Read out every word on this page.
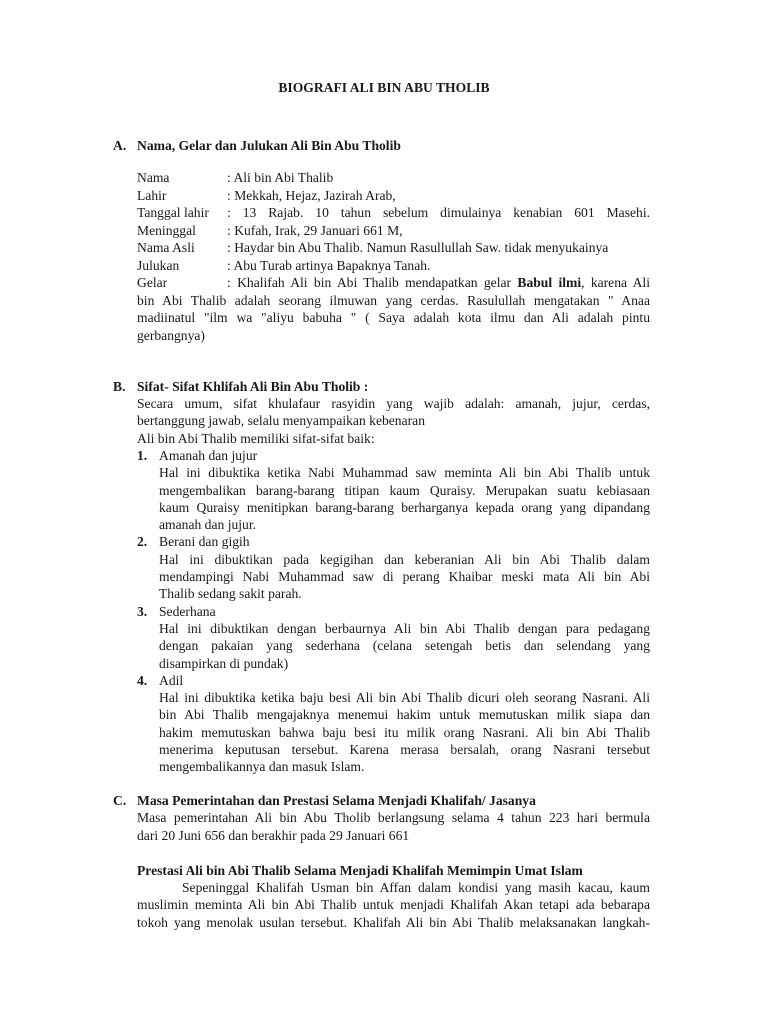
BIOGRAFI ALI BIN ABU THOLIB
A. Nama, Gelar dan Julukan Ali Bin Abu Tholib
B. Sifat- Sifat Khlifah Ali Bin Abu Tholib :
C. Masa Pemerintahan dan Prestasi Selama Menjadi Khalifah/ Jasanya
Masa pemerintahan Ali bin Abu Tholib berlangsung selama 4 tahun 223 hari bermula
dari 20 Juni 656 dan berakhir pada 29 Januari 661
Prestasi Ali bin Abi Thalib Selama Menjadi Khalifah Memimpin Umat Islam
Sepeninggal Khalifah Usman bin Affan dalam kondisi yang masih kacau, kaum
muslimin meminta Ali bin Abi Thalib untuk menjadi Khalifah Akan tetapi ada bebarapa
tokoh yang menolak usulan tersebut. Khalifah Ali bin Abi Thalib melaksanakan langkah-
Nama	: Ali bin Abi Thalib
Lahir	: Mekkah, Hejaz, Jazirah Arab,
Tanggal lahir : 13 Rajab. 10 tahun sebelum dimulainya kenabian 601 Masehi.
Meninggal : Kufah, Irak, 29 Januari 661 M,
Nama Asli : Haydar bin Abu Thalib. Namun Rasullullah Saw. tidak menyukainya
Julukan	: Abu Turab artinya Bapaknya Tanah.
Gelar	: Khalifah Ali bin Abi Thalib mendapatkan gelar Babul ilmi, karena Ali
bin Abi Thalib adalah seorang ilmuwan yang cerdas. Rasulullah mengatakan " Anaa
madiinatul "ilm wa "aliyu babuha " ( Saya adalah kota ilmu dan Ali adalah pintu
gerbangnya)
Secara umum, sifat khulafaur rasyidin yang wajib adalah: amanah, jujur, cerdas,
bertanggung jawab, selalu menyampaikan kebenaran
Ali bin Abi Thalib memiliki sifat-sifat baik:
1. Amanah dan jujur
Hal ini dibuktika ketika Nabi Muhammad saw meminta Ali bin Abi Thalib untuk
mengembalikan barang-barang titipan kaum Quraisy. Merupakan suatu kebiasaan
kaum Quraisy menitipkan barang-barang berharganya kepada orang yang dipandang
amanah dan jujur.
2. Berani dan gigih
Hal ini dibuktikan pada kegigihan dan keberanian Ali bin Abi Thalib dalam
mendampingi Nabi Muhammad saw di perang Khaibar meski mata Ali bin Abi
Thalib sedang sakit parah.
3. Sederhana
Hal ini dibuktikan dengan berbaurnya Ali bin Abi Thalib dengan para pedagang
dengan pakaian yang sederhana (celana setengah betis dan selendang yang
disampirkan di pundak)
4. Adil
Hal ini dibuktika ketika baju besi Ali bin Abi Thalib dicuri oleh seorang Nasrani. Ali
bin Abi Thalib mengajaknya menemui hakim untuk memutuskan milik siapa dan
hakim memutuskan bahwa baju besi itu milik orang Nasrani. Ali bin Abi Thalib
menerima keputusan tersebut. Karena merasa bersalah, orang Nasrani tersebut
mengembalikannya dan masuk Islam.
